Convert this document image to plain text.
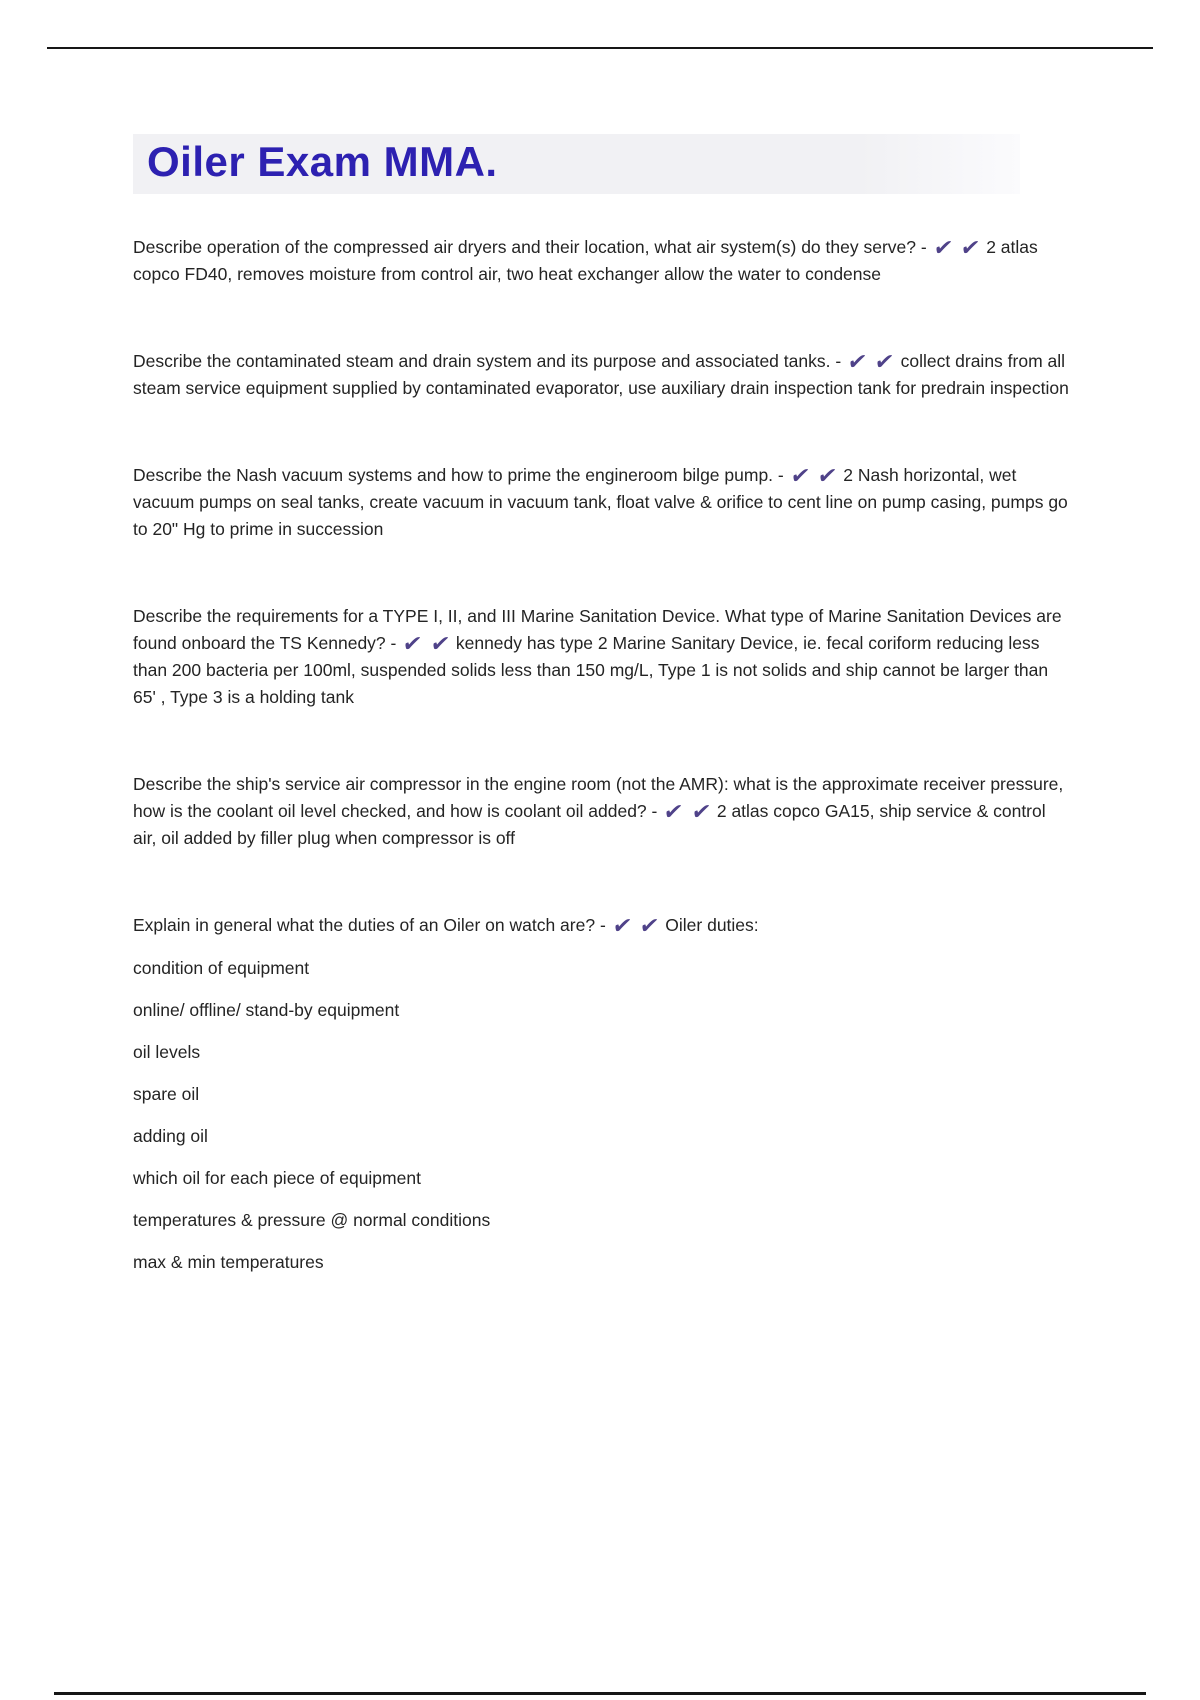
Oiler Exam MMA.

Describe operation of the compressed air dryers and their location, what air system(s) do they serve? - ✔ ✔ 2 atlas copco FD40, removes moisture from control air, two heat exchanger allow the water to condense

Describe the contaminated steam and drain system and its purpose and associated tanks. - ✔ ✔ collect drains from all steam service equipment supplied by contaminated evaporator, use auxiliary drain inspection tank for predrain inspection

Describe the Nash vacuum systems and how to prime the engineroom bilge pump. - ✔ ✔ 2 Nash horizontal, wet vacuum pumps on seal tanks, create vacuum in vacuum tank, float valve & orifice to cent line on pump casing, pumps go to 20" Hg to prime in succession

Describe the requirements for a TYPE I, II, and III Marine Sanitation Device. What type of Marine Sanitation Devices are found onboard the TS Kennedy? - ✔ ✔ kennedy has type 2 Marine Sanitary Device, ie. fecal coriform reducing less than 200 bacteria per 100ml, suspended solids less than 150 mg/L, Type 1 is not solids and ship cannot be larger than 65' , Type 3 is a holding tank

Describe the ship's service air compressor in the engine room (not the AMR): what is the approximate receiver pressure, how is the coolant oil level checked, and how is coolant oil added? - ✔ ✔ 2 atlas copco GA15, ship service & control air, oil added by filler plug when compressor is off

Explain in general what the duties of an Oiler on watch are? - ✔ ✔ Oiler duties:

condition of equipment

online/ offline/ stand-by equipment

oil levels

spare oil

adding oil

which oil for each piece of equipment

temperatures & pressure @ normal conditions

max & min temperatures
